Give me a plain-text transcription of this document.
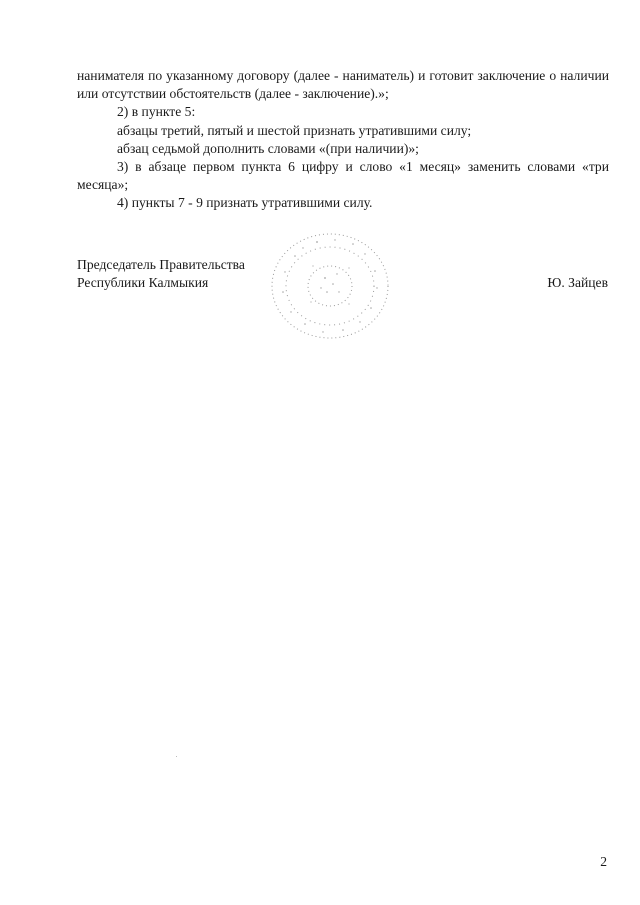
нанимателя по указанному договору (далее - наниматель) и готовит заключение о наличии или отсутствии обстоятельств (далее - заключение).»;

2) в пункте 5:

абзацы третий, пятый и шестой признать утратившими силу;

абзац седьмой дополнить словами «(при наличии)»;

3) в абзаце первом пункта 6 цифру и слово «1 месяц» заменить словами «три месяца»;

4) пункты 7 - 9 признать утратившими силу.

Председатель Правительства
Республики Калмыкия	Ю. Зайцев
2
